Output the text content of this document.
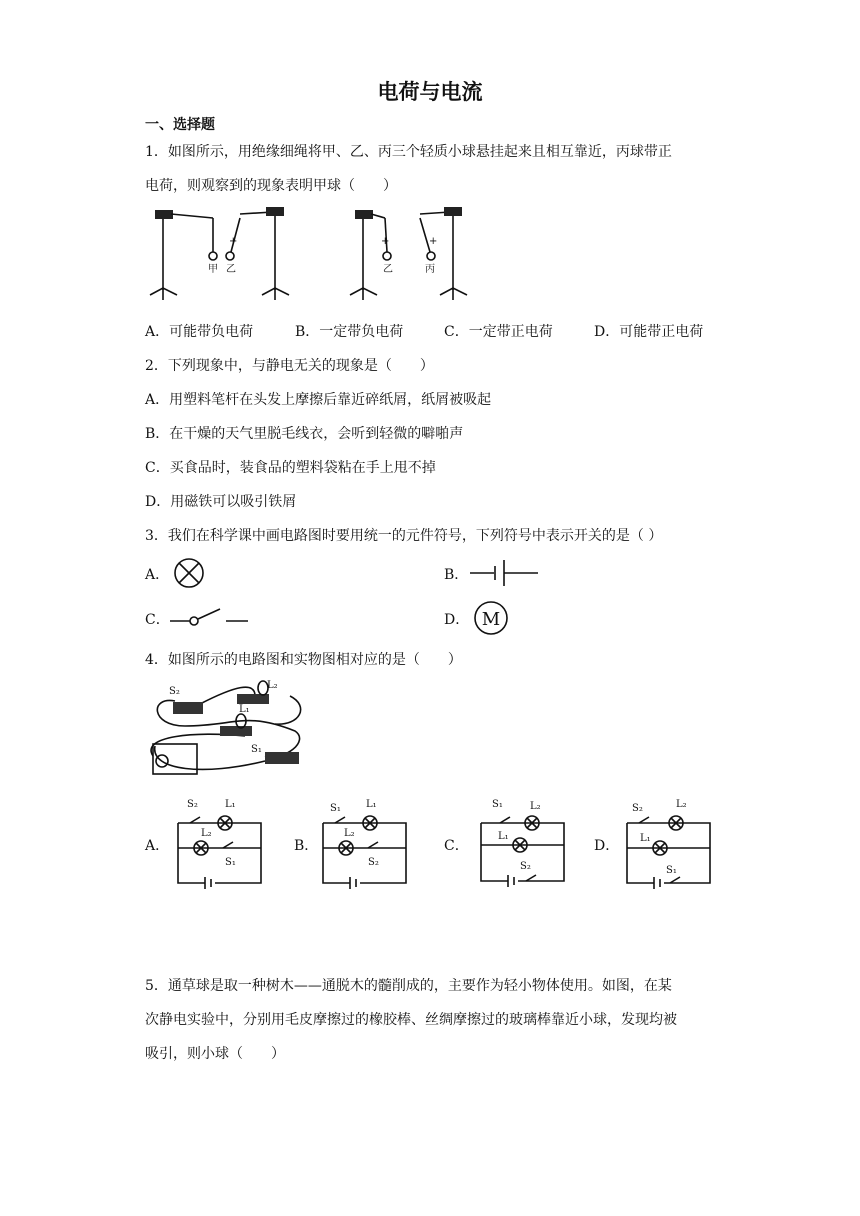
电荷与电流
一、选择题
1．如图所示，用绝缘细绳将甲、乙、丙三个轻质小球悬挂起来且相互靠近，丙球带正
电荷，则观察到的现象表明甲球（　　）
甲 乙
+
乙	丙
+	+
A．可能带负电荷	B．一定带负电荷	C．一定带正电荷	D．可能带正电荷
2．下列现象中，与静电无关的现象是（　　）
A．用塑料笔杆在头发上摩擦后靠近碎纸屑，纸屑被吸起
B．在干燥的天气里脱毛线衣，会听到轻微的噼啪声
C．买食品时，装食品的塑料袋粘在手上甩不掉
D．用磁铁可以吸引铁屑
3．我们在科学课中画电路图时要用统一的元件符号，下列符号中表示开关的是（ ）
A．	B．
C．	D． M
4．如图所示的电路图和实物图相对应的是（　　）
S₂
L₂
L₁
S₁
A．	B．	C．	D．
S₂	L₁
L₂
S₁
S₁	L₁
L₂
S₂
S₁	L₂
L₁
S₂
S₂	L₂
L₁
S₁
5．通草球是取一种树木——通脱木的髓削成的，主要作为轻小物体使用。如图，在某
次静电实验中，分别用毛皮摩擦过的橡胶棒、丝绸摩擦过的玻璃棒靠近小球，发现均被
吸引，则小球（　　）
